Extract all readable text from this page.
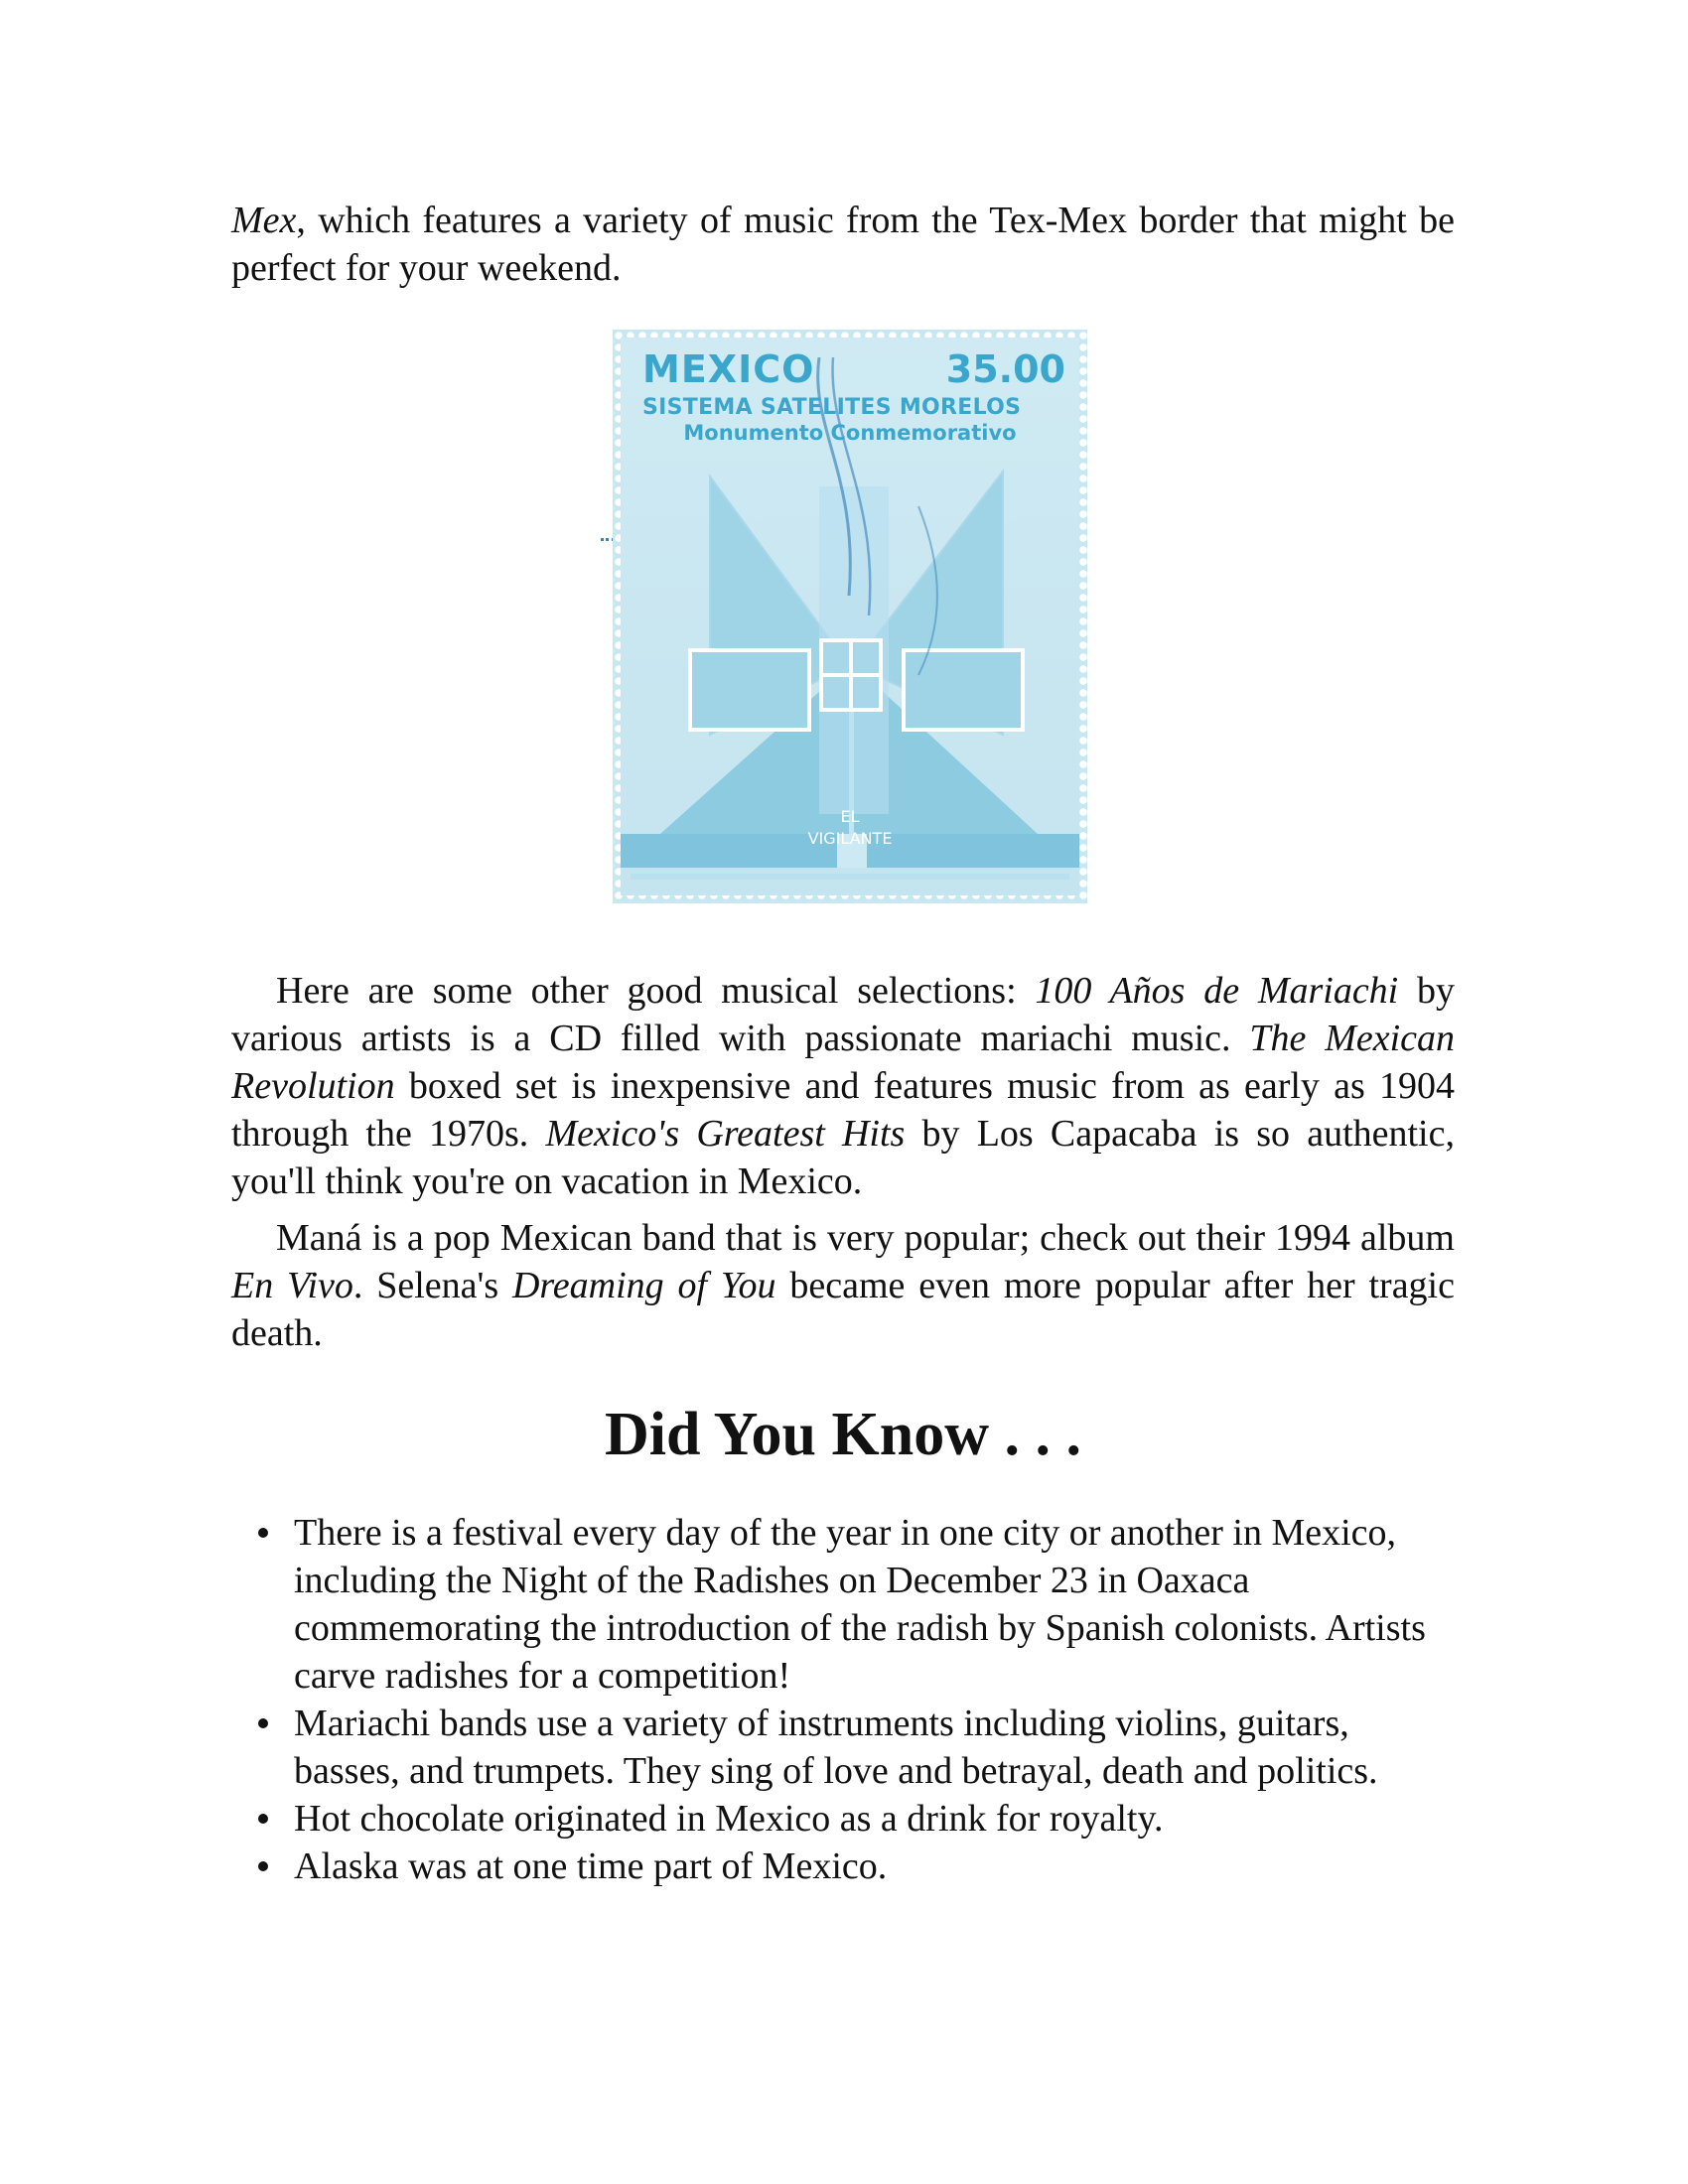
Mex, which features a variety of music from the Tex-Mex border that might be perfect for your weekend.

MEXICO	35.00
SISTEMA SATELITES MORELOS
Monumento Conmemorativo
EL
VIGILANTE

Here are some other good musical selections: 100 Años de Mariachi by various artists is a CD filled with passionate mariachi music. The Mexican Revolution boxed set is inexpensive and features music from as early as 1904 through the 1970s. Mexico's Greatest Hits by Los Capacaba is so authentic, you'll think you're on vacation in Mexico.

Maná is a pop Mexican band that is very popular; check out their 1994 album En Vivo. Selena's Dreaming of You became even more popular after her tragic death.

Did You Know . . .
There is a festival every day of the year in one city or another in Mexico, including the Night of the Radishes on December 23 in Oaxaca commemorating the introduction of the radish by Spanish colonists. Artists carve radishes for a competition!
Mariachi bands use a variety of instruments including violins, guitars, basses, and trumpets. They sing of love and betrayal, death and politics.
Hot chocolate originated in Mexico as a drink for royalty.
Alaska was at one time part of Mexico.
